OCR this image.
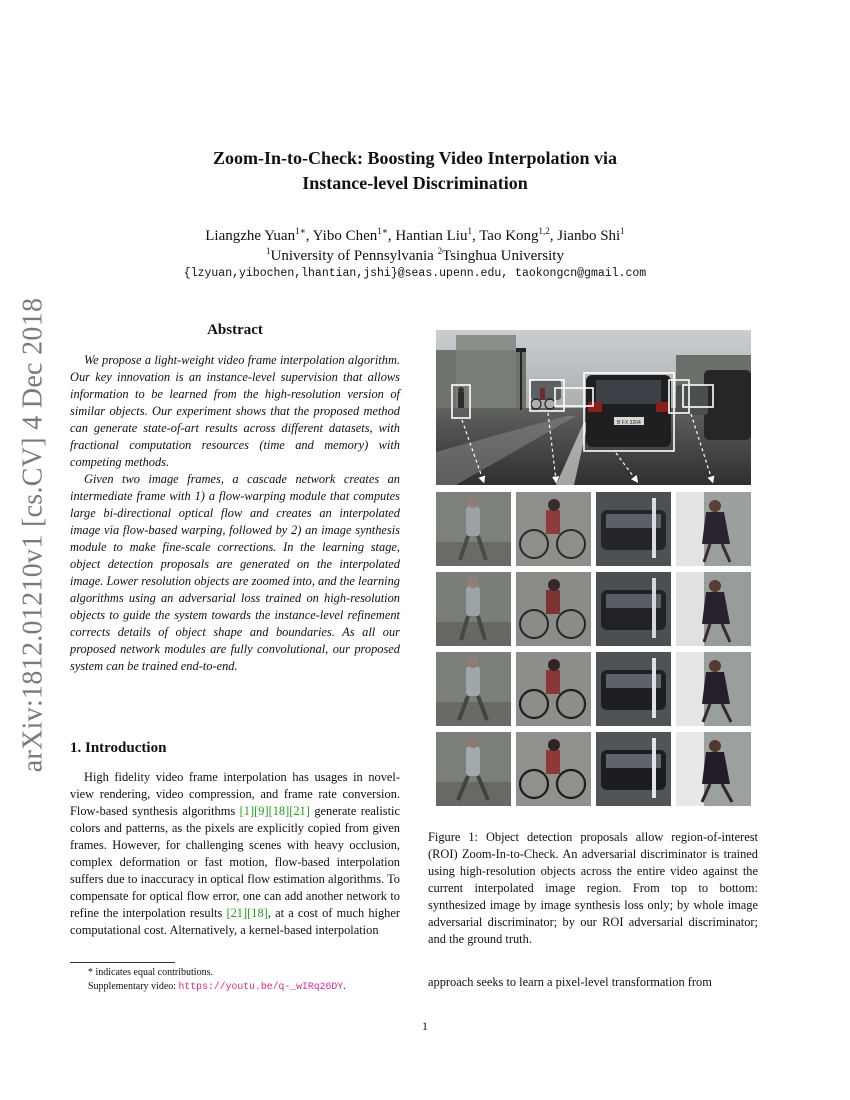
arXiv:1812.01210v1 [cs.CV] 4 Dec 2018
Zoom-In-to-Check: Boosting Video Interpolation via
Instance-level Discrimination
Liangzhe Yuan$^{1∗}$, Yibo Chen$^{1∗}$, Hantian Liu$^1$, Tao Kong$^{1,2}$, Jianbo Shi$^1$
$^1$University of Pennsylvania $^2$Tsinghua University
{lzyuan,yibochen,lhantian,jshi}@seas.upenn.edu, taokongcn@gmail.com
Abstract

We propose a light-weight video frame interpolation algorithm. Our key innovation is an instance-level supervision that allows information to be learned from the high-resolution version of similar objects. Our experiment shows that the proposed method can generate state-of-art results across different datasets, with fractional computation resources (time and memory) with competing methods.

Given two image frames, a cascade network creates an intermediate frame with 1) a flow-warping module that computes large bi-directional optical flow and creates an interpolated image via flow-based warping, followed by 2) an image synthesis module to make fine-scale corrections. In the learning stage, object detection proposals are generated on the interpolated image. Lower resolution objects are zoomed into, and the learning algorithms using an adversarial loss trained on high-resolution objects to guide the system towards the instance-level refinement corrects details of object shape and boundaries. As all our proposed network modules are fully convolutional, our proposed system can be trained end-to-end.

1. Introduction

High fidelity video frame interpolation has usages in novel-view rendering, video compression, and frame rate conversion. Flow-based synthesis algorithms [1][9][18][21] generate realistic colors and patterns, as the pixels are explicitly copied from given frames. However, for challenging scenes with heavy occlusion, complex deformation or fast motion, flow-based interpolation suffers due to inaccuracy in optical flow estimation algorithms. To compensate for optical flow error, one can add another network to refine the interpolation results [21][18], at a cost of much higher computational cost. Alternatively, a kernel-based interpolation

* indicates equal contributions.
Supplementary video: https://youtu.be/q-_wIRq26DY.
B FX 3204
Figure 1: Object detection proposals allow region-of-interest (ROI) Zoom-In-to-Check. An adversarial discriminator is trained using high-resolution objects across the entire video against the current interpolated image region. From top to bottom: synthesized image by image synthesis loss only; by whole image adversarial discriminator; by our ROI adversarial discriminator; and the ground truth.
approach seeks to learn a pixel-level transformation from
1
